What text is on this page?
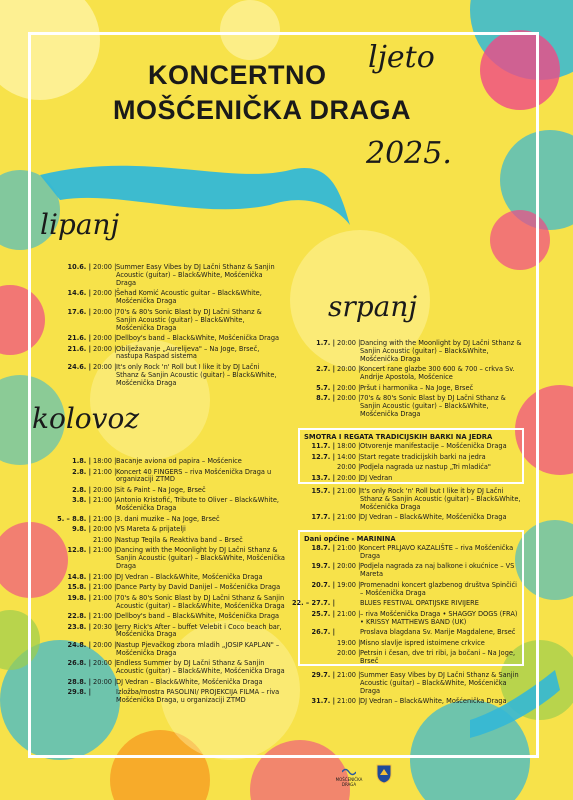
ljeto
KONCERTNO
MOŠĆENIČKA DRAGA
2025.
lipanj
srpanj
kolovoz
10.6. | 20:00 | Summer Easy Vibes by DJ Lačni Sthanz & Sanjin Acoustic (guitar) – Black&White, Mošćenička Draga
14.6. | 20:00 | Šehad Komić Acoustic guitar – Black&White, Mošćenička Draga
17.6. | 20:00 | 70's & 80's Sonic Blast by DJ Lačni Sthanz & Sanjin Acoustic (guitar) – Black&White, Mošćenička Draga
21.6. | 20:00 | Dellboy's band – Black&White, Mošćenička Draga
21.6. | 20:00 | Obilježavanje „Aurelijeva" – Na Joge, Brseč, nastupa Raspad sistema
24.6. | 20:00 | It's only Rock 'n' Roll but I like it by DJ Lačni Sthanz & Sanjin Acoustic (guitar) – Black&White, Mošćenička Draga
1.8. | 18:00 | Bacanje aviona od papira – Mošćenice
2.8. | 21:00 | Koncert 40 FINGERS – riva Mošćenička Draga u organizaciji ZTMD
2.8. | 20:00 | Sit & Paint – Na Joge, Brseč
3.8. | 21:00 | Antonio Kristofić, Tribute to Oliver – Black&White, Mošćenička Draga
5. – 8.8. | 21:00 | 3. dani muzike – Na Joge, Brseč
9.8. | 20:00 | VS Mareta & prijatelji
21:00 | Nastup Teqila & Reaktiva band – Brseč
12.8. | 21:00 | Dancing with the Moonlight by DJ Lačni Sthanz & Sanjin Acoustic (guitar) – Black&White, Mošćenička Draga
14.8. | 21:00 | DJ Vedran – Black&White, Mošćenička Draga
15.8. | 21:00 | Dance Party by David Danijel – Mošćenička Draga
19.8. | 21:00 | 70's & 80's Sonic Blast by DJ Lačni Sthanz & Sanjin Acoustic (guitar) – Black&White, Mošćenička Draga
22.8. | 21:00 | Dellboy's band – Black&White, Mošćenička Draga
23.8. | 20:30 | Jerry Rick's After – buffet Velebit i Coco beach bar, Mošćenička Draga
24.8. | 20:00 | Nastup Pjevačkog zbora mladih „JOSIP KAPLAN" – Mošćenička Draga
26.8. | 20:00 | Endless Summer by DJ Lačni Sthanz & Sanjin Acoustic (guitar) – Black&White, Mošćenička Draga
28.8. | 20:00 | DJ Vedran – Black&White, Mošćenička Draga
29.8. |	Izložba/mostra PASOLINI/ PROJEKCIJA FILMA – riva Mošćenička Draga, u organizaciji ZTMD
1.7. | 20:00 | Dancing with the Moonlight by DJ Lačni Sthanz & Sanjin Acoustic (guitar) – Black&White, Mošćenička Draga
2.7. | 20:00 | Koncert rane glazbe 300 600 & 700 – crkva Sv. Andrije Apostola, Mošćenice
5.7. | 20:00 | Pršut i harmonika – Na Joge, Brseč
8.7. | 20:00 | 70's & 80's Sonic Blast by DJ Lačni Sthanz & Sanjin Acoustic (guitar) – Black&White, Mošćenička Draga
SMOTRA I REGATA TRADICIJSKIH BARKI NA JEDRA
11.7. | 18:00 | Otvorenje manifestacije – Mošćenička Draga
12.7. | 14:00 | Start regate tradicijskih barki na jedra
20:00 | Podjela nagrada uz nastup „Tri mladića"
13.7. | 20:00 | DJ Vedran
15.7. | 21:00 | It's only Rock 'n' Roll but I like it by DJ Lačni Sthanz & Sanjin Acoustic (guitar) – Black&White, Mošćenička Draga
17.7. | 21:00 | DJ Vedran – Black&White, Mošćenička Draga
Dani općine - MARININA
18.7. | 21:00 | Koncert PRLJAVO KAZALIŠTE – riva Mošćenička Draga
19.7. | 20:00 | Podjela nagrada za naj balkone i okućnice – VS Mareta
20.7. | 19:00 | Promenadni koncert glazbenog društva Spinčići – Mošćenička Draga
22. – 27.7. |	BLUES FESTIVAL OPATIJSKE RIVIJERE
25.7. | 21:00 | – riva Mošćenička Draga • SHAGGY DOGS (FRA) • KRISSY MATTHEWS BAND (UK)
26.7. |	Proslava blagdana Sv. Marije Magdalene, Brseč
19:00 | Misno slavlje ispred istoimene crkvice
20:00 | Petrsin i česan, dve tri ribi, ja bočani – Na Joge, Brseč
29.7. | 21:00 | Summer Easy Vibes by DJ Lačni Sthanz & Sanjin Acoustic (guitar) – Black&White, Mošćenička Draga
31.7. | 21:00 | DJ Vedran – Black&White, Mošćenička Draga
MOŠĆENIČKA DRAGA
